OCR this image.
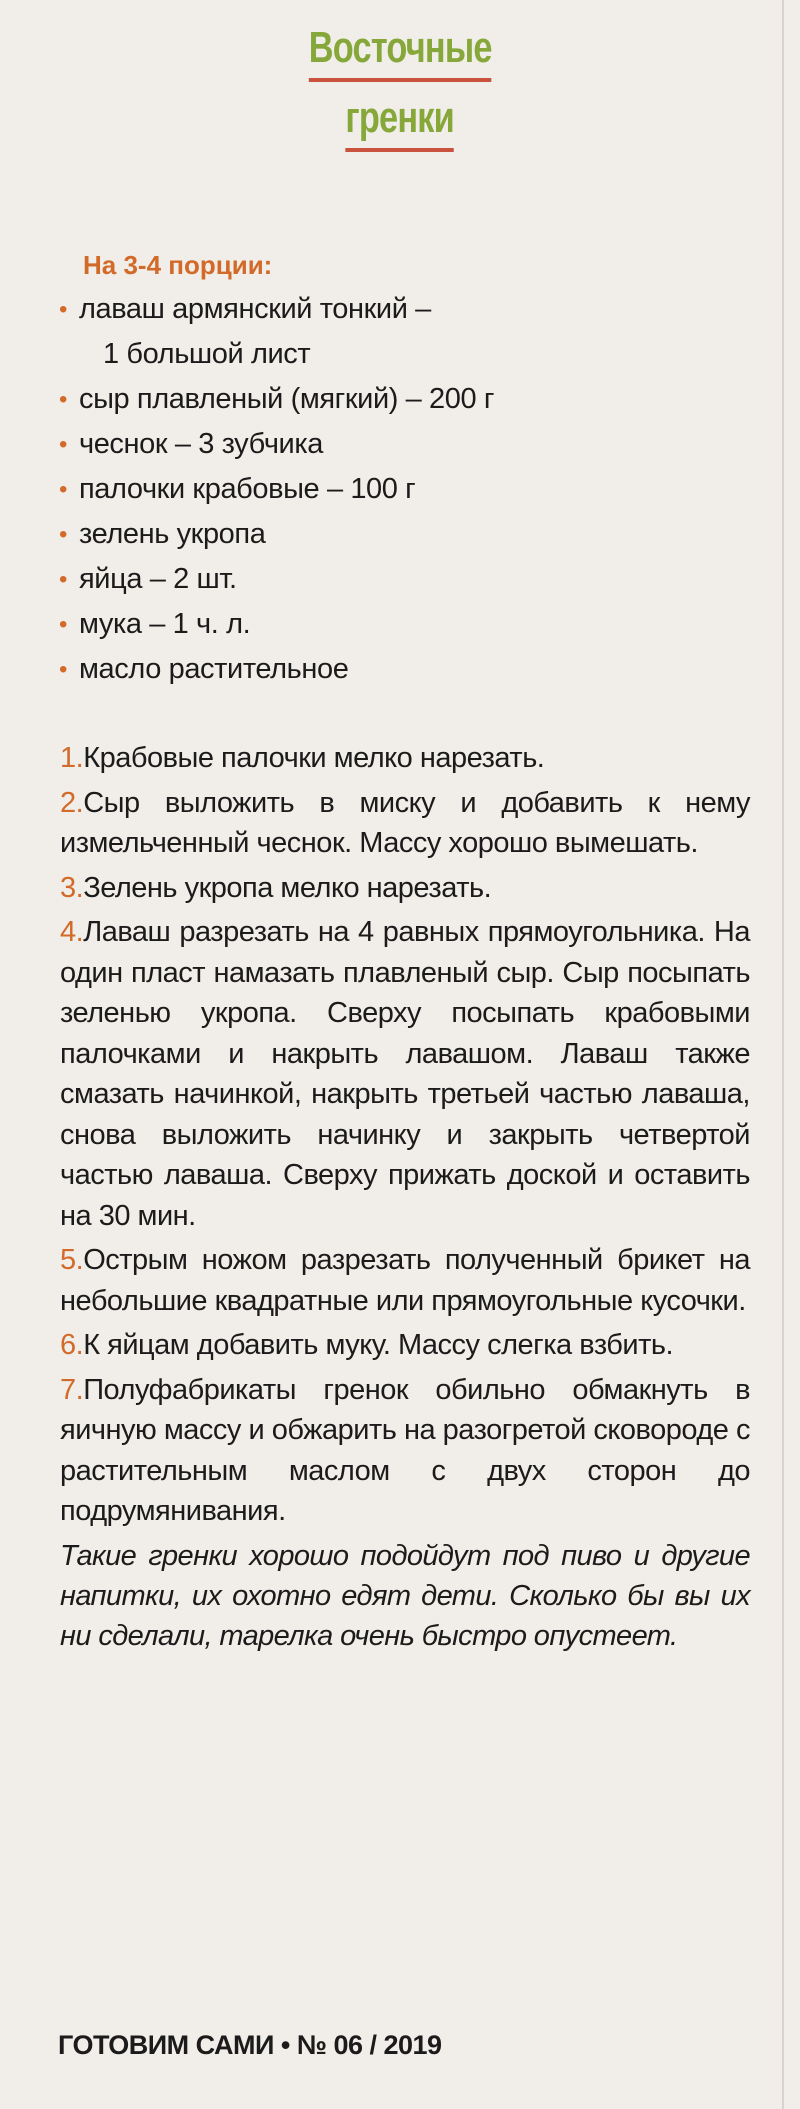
Восточные
гренки

На 3-4 порции:

• лаваш армянский тонкий –

1 большой лист

• сыр плавленый (мягкий) – 200 г

• чеснок – 3 зубчика

• палочки крабовые – 100 г

• зелень укропа

• яйца – 2 шт.

• мука – 1 ч. л.

• масло растительное

1.Крабовые палочки мелко нарезать.

2.Сыр выложить в миску и добавить к нему измельченный чеснок. Массу хорошо вымешать.

3.Зелень укропа мелко нарезать.

4.Лаваш разрезать на 4 равных прямоугольника. На один пласт намазать плавленый сыр. Сыр посыпать зеленью укропа. Сверху посыпать крабовыми палочками и накрыть лавашом. Лаваш также смазать начинкой, накрыть третьей частью лаваша, снова выложить начинку и закрыть четвертой частью лаваша. Сверху прижать доской и оставить на 30 мин.

5.Острым ножом разрезать полученный брикет на небольшие квадратные или прямоугольные кусочки.

6.К яйцам добавить муку. Массу слегка взбить.

7.Полуфабрикаты гренок обильно обмакнуть в яичную массу и обжарить на разогретой сковороде с растительным маслом с двух сторон до подрумянивания.

Такие гренки хорошо подойдут под пиво и другие напитки, их охотно едят дети. Сколько бы вы их ни сделали, тарелка очень быстро опустеет.

ГОТОВИМ САМИ • № 06 / 2019
